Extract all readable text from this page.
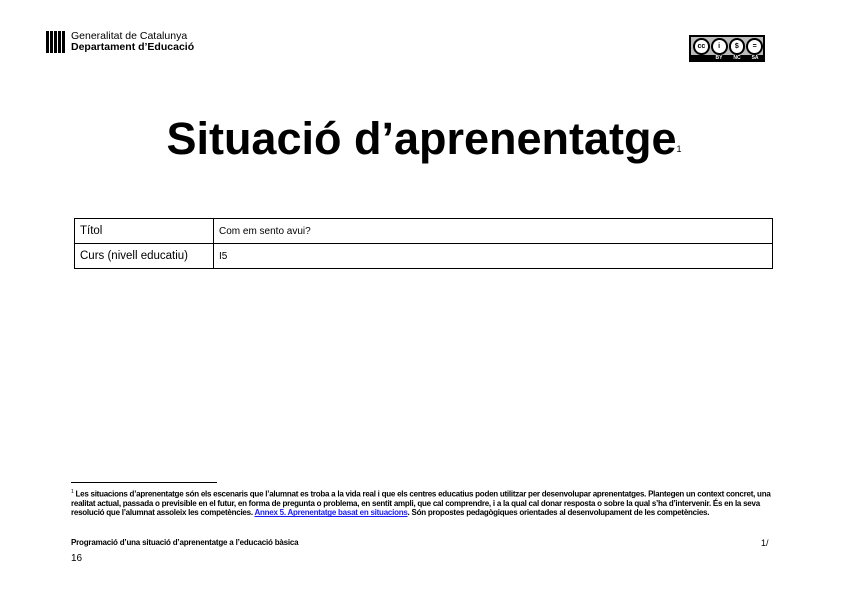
Generalitat de Catalunya
Departament d’Educació	cc	i	$	=
BY NC SA
Situació d’aprenentatge$^1$
Títol	Com em sento avui?
Curs (nivell educatiu)	I5
$^1$ Les situacions d’aprenentatge són els escenaris que l’alumnat es troba a la vida real i que els centres educatius poden utilitzar per desenvolupar aprenentatges. Plantegen un context concret, una realitat actual, passada o previsible en el futur, en forma de pregunta o problema, en sentit ampli, que cal comprendre, i a la qual cal donar resposta o sobre la qual s’ha d’intervenir. És en la seva resolució que l’alumnat assoleix les competències. Annex 5. Aprenentatge basat en situacions. Són propostes pedagògiques orientades al desenvolupament de les competències.
Programació d’una situació d’aprenentatge a l’educació bàsica	1/
16
